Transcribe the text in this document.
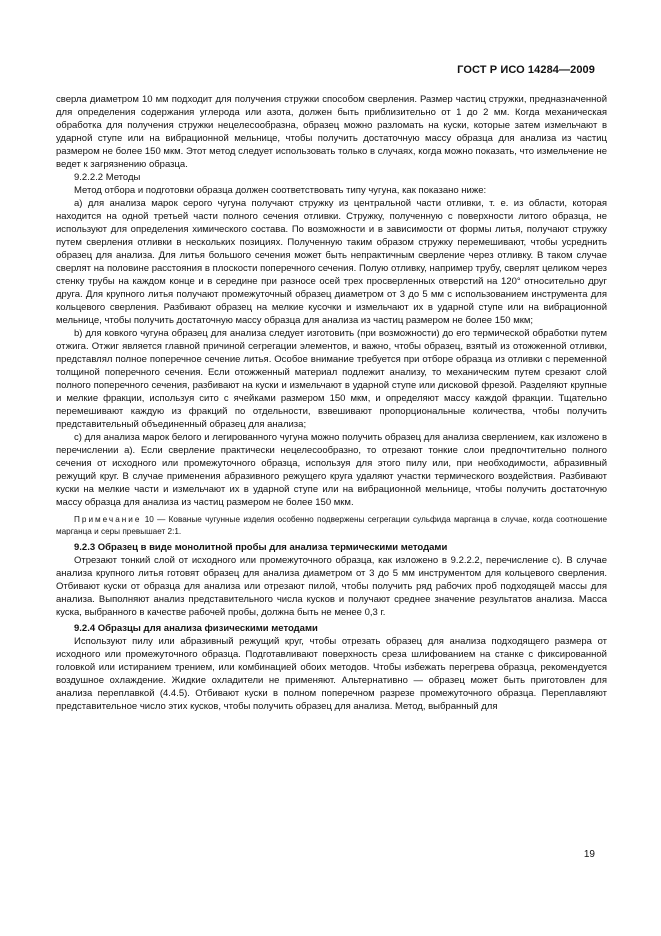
ГОСТ Р ИСО 14284—2009

сверла диаметром 10 мм подходит для получения стружки способом сверления. Размер частиц стружки, предназначенной для определения содержания углерода или азота, должен быть приблизительно от 1 до 2 мм. Когда механическая обработка для получения стружки нецелесообразна, образец можно разломать на куски, которые затем измельчают в ударной ступе или на вибрационной мельнице, чтобы получить достаточную массу образца для анализа из частиц размером не более 150 мкм. Этот метод следует использовать только в случаях, когда можно показать, что измельчение не ведет к загрязнению образца.

9.2.2.2 Методы

Метод отбора и подготовки образца должен соответствовать типу чугуна, как показано ниже:

а) для анализа марок серого чугуна получают стружку из центральной части отливки, т. е. из области, которая находится на одной третьей части полного сечения отливки. Стружку, полученную с поверхности литого образца, не используют для определения химического состава. По возможности и в зависимости от формы литья, получают стружку путем сверления отливки в нескольких позициях. Полученную таким образом стружку перемешивают, чтобы усреднить образец для анализа. Для литья большого сечения может быть непрактичным сверление через отливку. В таком случае сверлят на половине расстояния в плоскости поперечного сечения. Полую отливку, например трубу, сверлят целиком через стенку трубы на каждом конце и в середине при разносе осей трех просверленных отверстий на 120° относительно друг друга. Для крупного литья получают промежуточный образец диаметром от 3 до 5 мм с использованием инструмента для кольцевого сверления. Разбивают образец на мелкие кусочки и измельчают их в ударной ступе или на вибрационной мельнице, чтобы получить достаточную массу образца для анализа из частиц размером не более 150 мкм;

b) для ковкого чугуна образец для анализа следует изготовить (при возможности) до его термической обработки путем отжига. Отжиг является главной причиной сегрегации элементов, и важно, чтобы образец, взятый из отожженной отливки, представлял полное поперечное сечение литья. Особое внимание требуется при отборе образца из отливки с переменной толщиной поперечного сечения. Если отожженный материал подлежит анализу, то механическим путем срезают слой полного поперечного сечения, разбивают на куски и измельчают в ударной ступе или дисковой фрезой. Разделяют крупные и мелкие фракции, используя сито с ячейками размером 150 мкм, и определяют массу каждой фракции. Тщательно перемешивают каждую из фракций по отдельности, взвешивают пропорциональные количества, чтобы получить представительный объединенный образец для анализа;

с) для анализа марок белого и легированного чугуна можно получить образец для анализа сверлением, как изложено в перечислении а). Если сверление практически нецелесообразно, то отрезают тонкие слои предпочтительно полного сечения от исходного или промежуточного образца, используя для этого пилу или, при необходимости, абразивный режущий круг. В случае применения абразивного режущего круга удаляют участки термического воздействия. Разбивают куски на мелкие части и измельчают их в ударной ступе или на вибрационной мельнице, чтобы получить достаточную массу образца для анализа из частиц размером не более 150 мкм.

Примечание 10 — Кованые чугунные изделия особенно подвержены сегрегации сульфида марганца в случае, когда соотношение марганца и серы превышает 2:1.

9.2.3 Образец в виде монолитной пробы для анализа термическими методами

Отрезают тонкий слой от исходного или промежуточного образца, как изложено в 9.2.2.2, перечисление с). В случае анализа крупного литья готовят образец для анализа диаметром от 3 до 5 мм инструментом для кольцевого сверления. Отбивают куски от образца для анализа или отрезают пилой, чтобы получить ряд рабочих проб подходящей массы для анализа. Выполняют анализ представительного числа кусков и получают среднее значение результатов анализа. Масса куска, выбранного в качестве рабочей пробы, должна быть не менее 0,3 г.

9.2.4 Образцы для анализа физическими методами

Используют пилу или абразивный режущий круг, чтобы отрезать образец для анализа подходящего размера от исходного или промежуточного образца. Подготавливают поверхность среза шлифованием на станке с фиксированной головкой или истиранием трением, или комбинацией обоих методов. Чтобы избежать перегрева образца, рекомендуется воздушное охлаждение. Жидкие охладители не применяют. Альтернативно — образец может быть приготовлен для анализа переплавкой (4.4.5). Отбивают куски в полном поперечном разрезе промежуточного образца. Переплавляют представительное число этих кусков, чтобы получить образец для анализа. Метод, выбранный для

19
